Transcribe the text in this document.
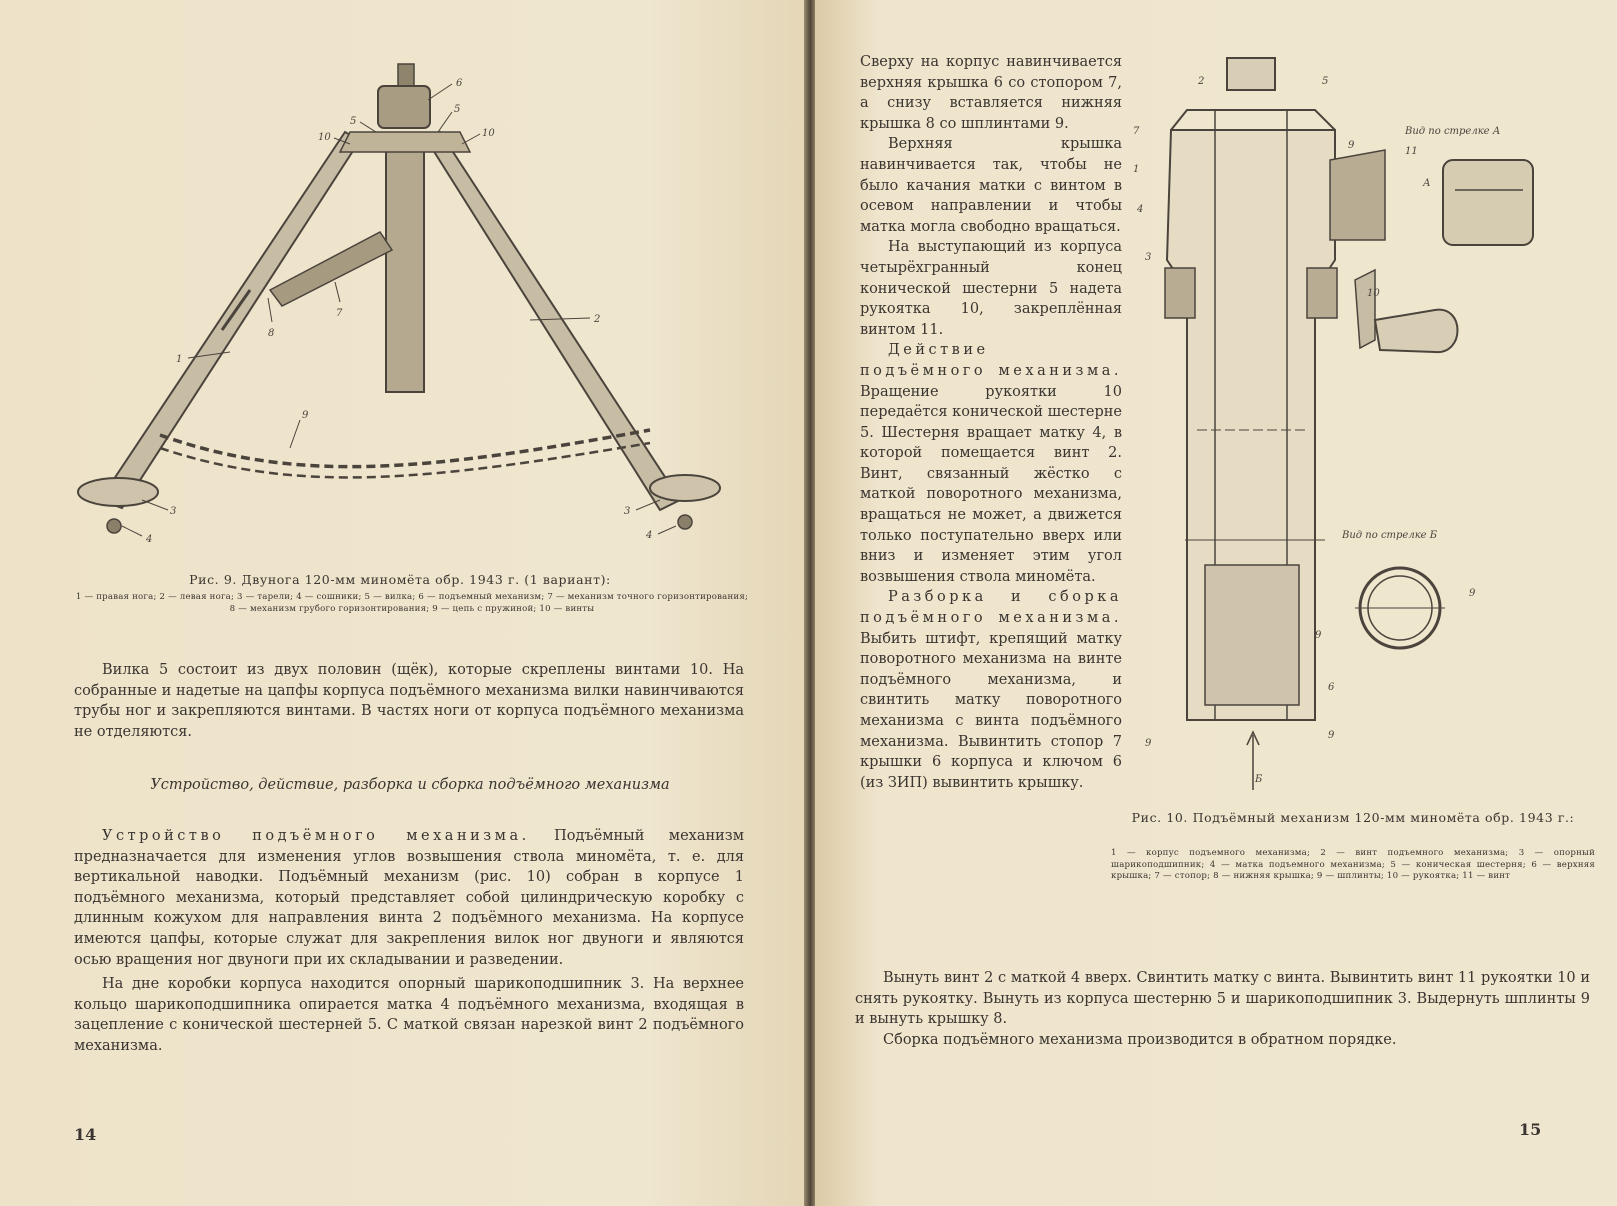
6
5
5
10	10
7
8
1
2
9
3	3
4	4
Рис. 9. Двунога 120-мм миномёта обр. 1943 г. (1 вариант):
1 — правая нога; 2 — левая нога; 3 — тарели; 4 — сошники; 5 — вилка; 6 — подъемный механизм; 7 — механизм точного горизонтирования; 8 — механизм грубого горизонтирования; 9 — цепь с пружиной; 10 — винты

Вилка 5 состоит из двух половин (щёк), которые скреплены винтами 10. На собранные и надетые на цапфы корпуса подъёмного механизма вилки навинчиваются трубы ног и закрепляются винтами. В частях ноги от корпуса подъёмного механизма не отделяются.

Устройство, действие, разборка и сборка подъёмного механизма

Устройство подъёмного механизма. Подъёмный механизм предназначается для изменения углов возвышения ствола миномёта, т. е. для вертикальной наводки. Подъёмный механизм (рис. 10) собран в корпусе 1 подъёмного механизма, который представляет собой цилиндрическую коробку с длинным кожухом для направления винта 2 подъёмного механизма. На корпусе имеются цапфы, которые служат для закрепления вилок ног двуноги и являются осью вращения ног двуноги при их складывании и разведении.

На дне коробки корпуса находится опорный шарикоподшипник 3. На верхнее кольцо шарикоподшипника опирается матка 4 подъёмного механизма, входящая в зацепление с конической шестерней 5. С маткой связан нарезкой винт 2 подъёмного механизма.

14

Сверху на корпус навинчивается верхняя крышка 6 со стопором 7, а снизу вставляется нижняя крышка 8 со шплинтами 9.

Верхняя крышка навинчивается так, чтобы не было качания матки с винтом в осевом направлении и чтобы матка могла свободно вращаться.

На выступающий из корпуса четырёхгранный конец конической шестерни 5 надета рукоятка 10, закреплённая винтом 11.

Действие подъёмного механизма. Вращение рукоятки 10 передаётся конической шестерне 5. Шестерня вращает матку 4, в которой помещается винт 2. Винт, связанный жёстко с маткой поворотного механизма, вращаться не может, а движется только поступательно вверх или вниз и изменяет этим угол возвышения ствола миномёта.

Разборка и сборка подъёмного механизма. Выбить штифт, крепящий матку поворотного механизма на винте подъёмного механизма, и свинтить матку поворотного механизма с винта подъёмного механизма. Вывинтить стопор 7 крышки 6 корпуса и ключом 6 (из ЗИП) вывинтить крышку.

2	5
7
1
4
3
9
11
А
10
6
9
9
9
9
Б
Вид по стрелке А
Вид по стрелке Б
Рис. 10. Подъёмный механизм 120-мм миномёта обр. 1943 г.:
1 — корпус подъемного механизма; 2 — винт подъемного механизма; 3 — опорный шарикоподшипник; 4 — матка подъемного механизма; 5 — коническая шестерня; 6 — верхняя крышка; 7 — стопор; 8 — нижняя крышка; 9 — шплинты; 10 — рукоятка; 11 — винт

Вынуть винт 2 с маткой 4 вверх. Свинтить матку с винта. Вывинтить винт 11 рукоятки 10 и снять рукоятку. Вынуть из корпуса шестерню 5 и шарикоподшипник 3. Выдернуть шплинты 9 и вынуть крышку 8.

Сборка подъёмного механизма производится в обратном порядке.

15
